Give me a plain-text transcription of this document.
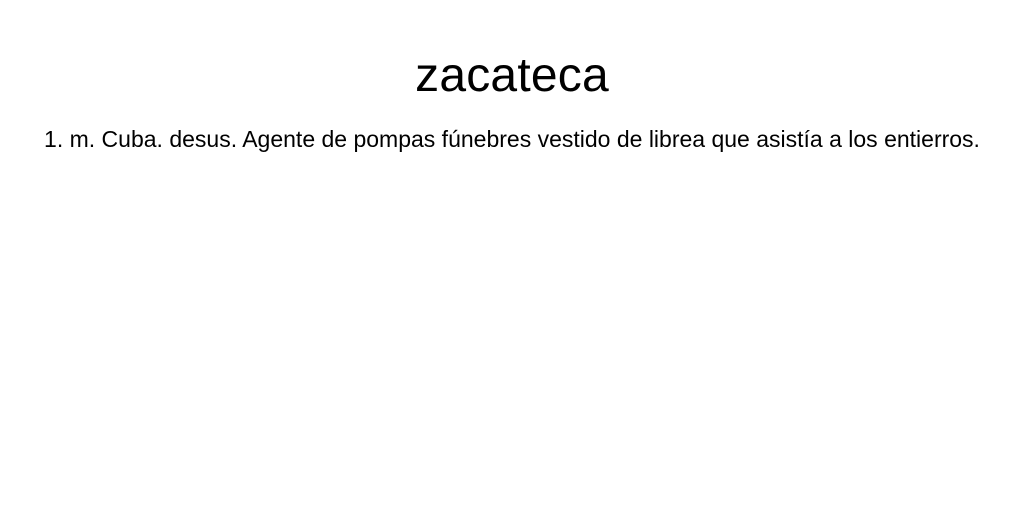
zacateca

1. m. Cuba. desus. Agente de pompas fúnebres vestido de librea que asistía a los entierros.
